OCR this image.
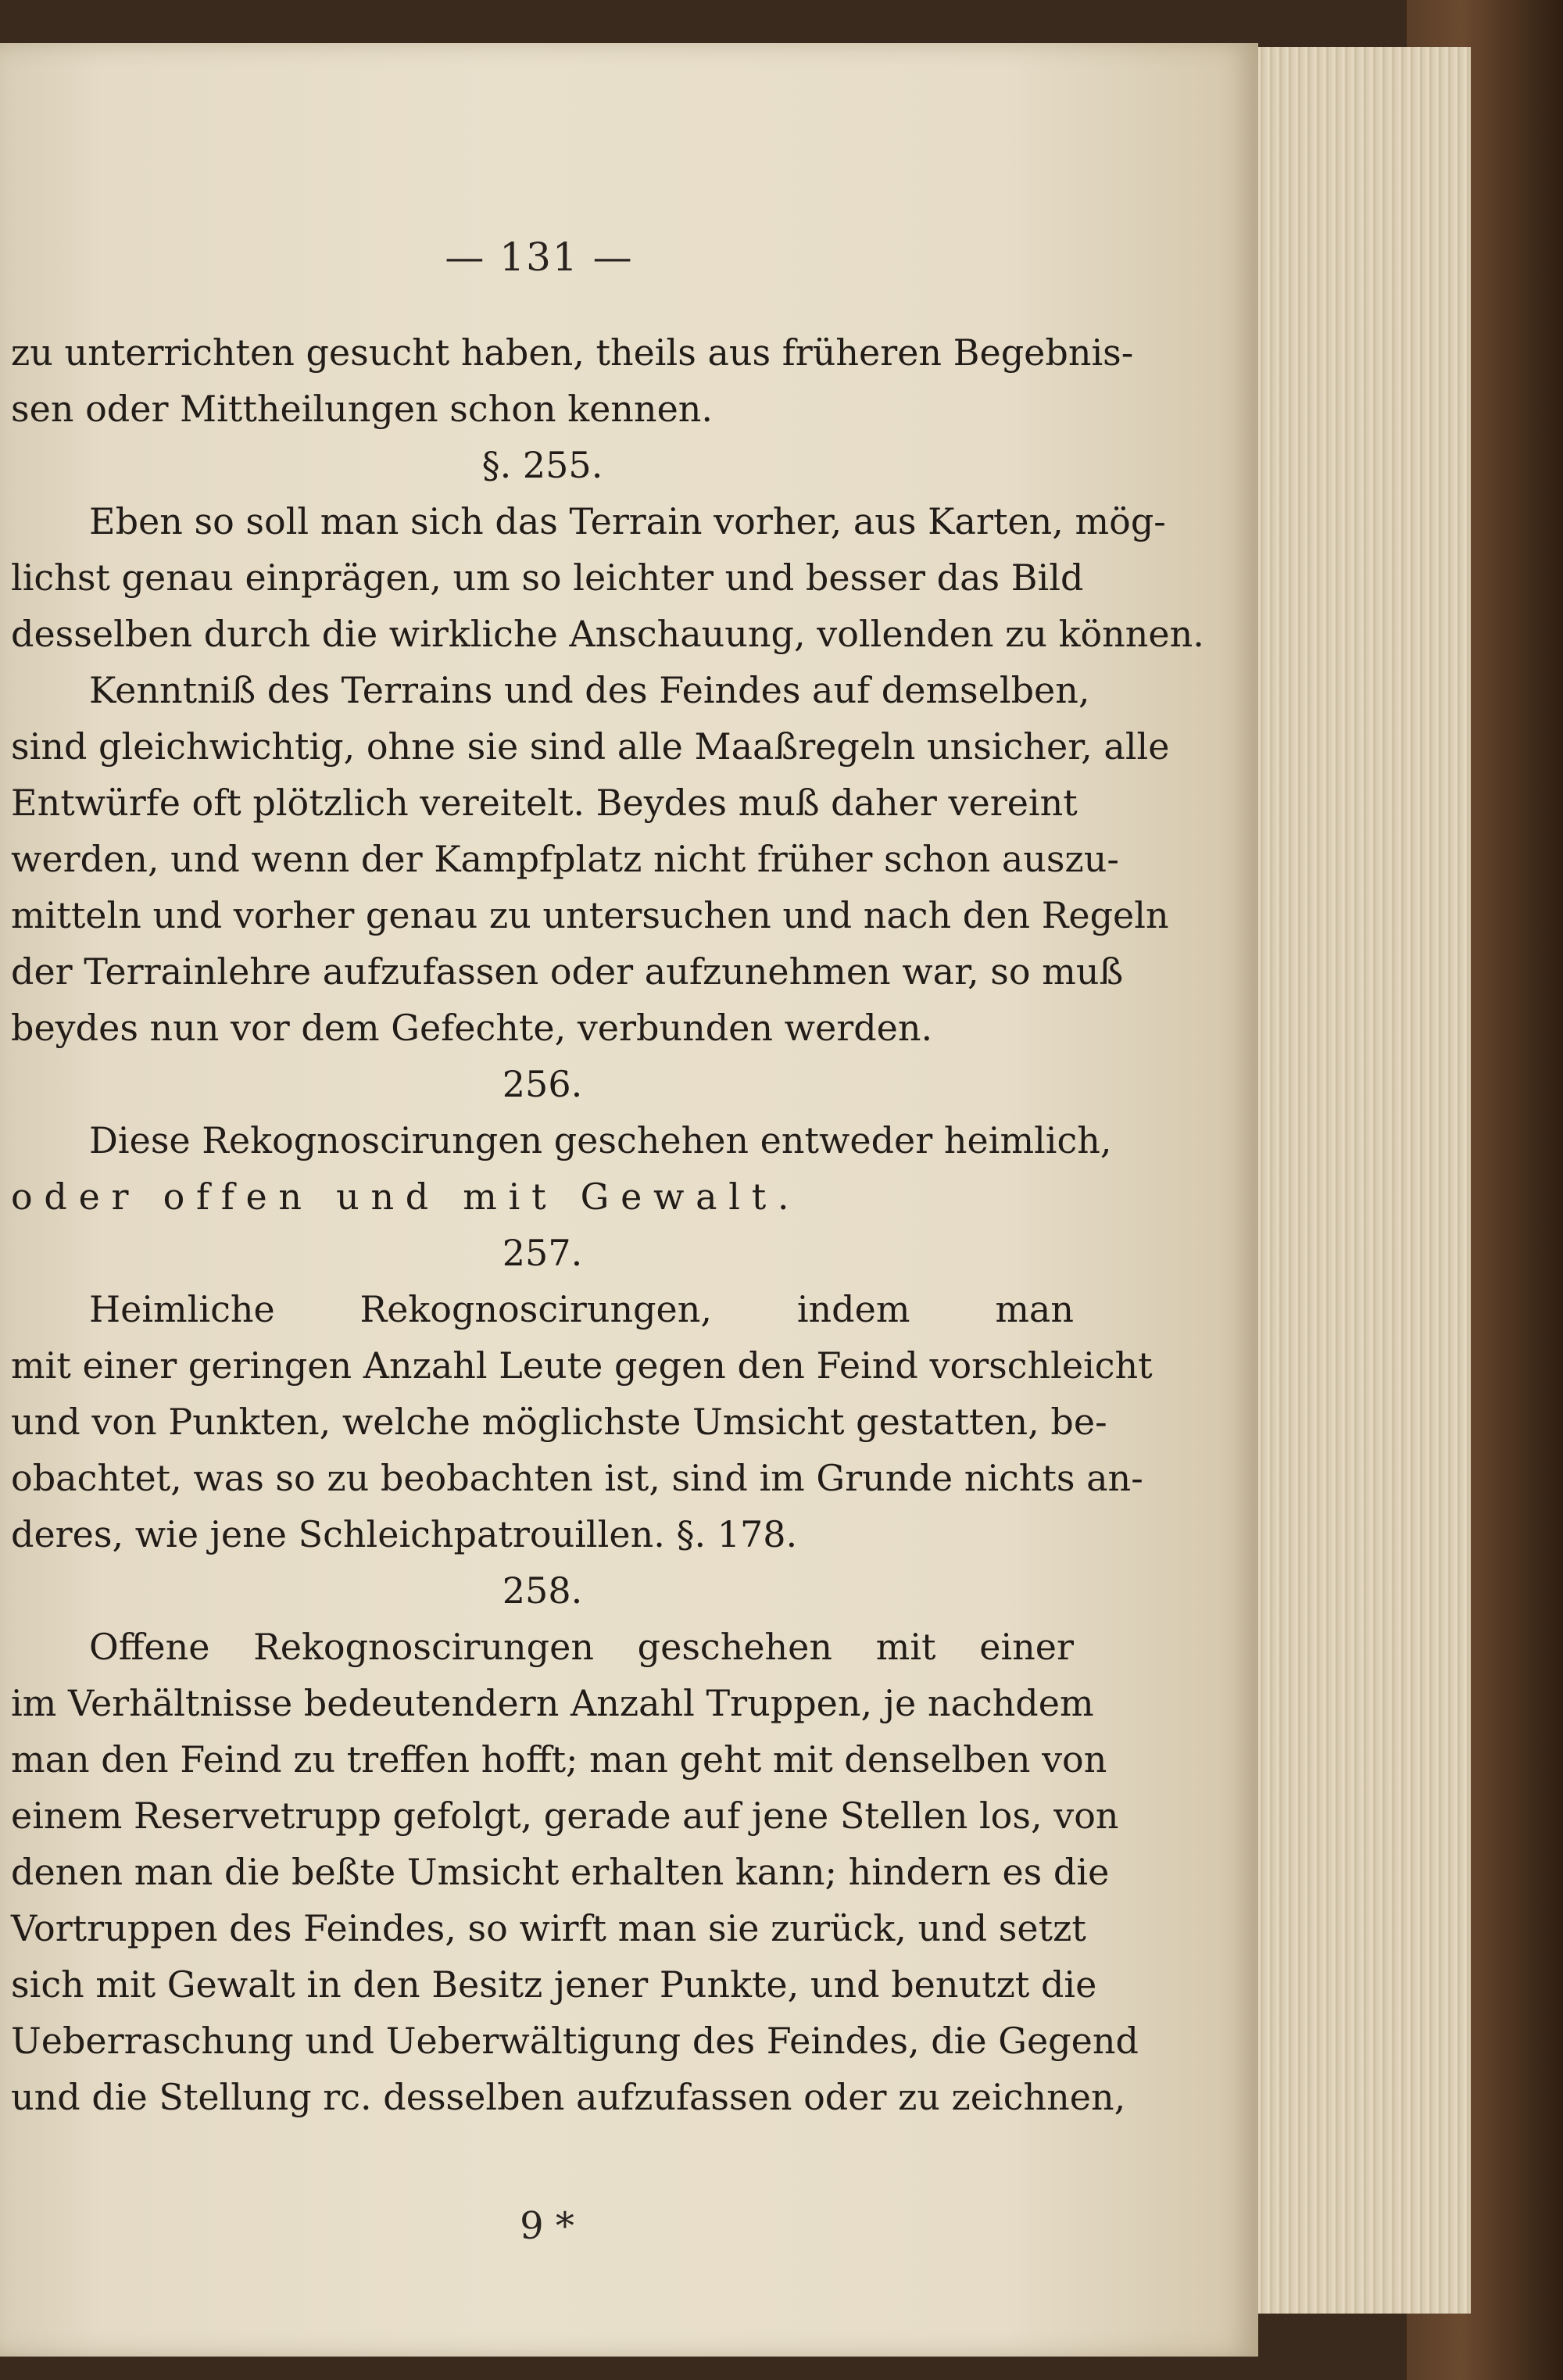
— 131 —
zu unterrichten gesucht haben, theils aus früheren Begebnis-
sen oder Mittheilungen schon kennen.
§. 255.
Eben so soll man sich das Terrain vorher, aus Karten, mög-
lichst genau einprägen, um so leichter und besser das Bild
desselben durch die wirkliche Anschauung, vollenden zu können.
Kenntniß des Terrains und des Feindes auf demselben,
sind gleichwichtig, ohne sie sind alle Maaßregeln unsicher, alle
Entwürfe oft plötzlich vereitelt. Beydes muß daher vereint
werden, und wenn der Kampfplatz nicht früher schon auszu-
mitteln und vorher genau zu untersuchen und nach den Regeln
der Terrainlehre aufzufassen oder aufzunehmen war, so muß
beydes nun vor dem Gefechte, verbunden werden.
256.
Diese Rekognoscirungen geschehen entweder heimlich,
oder offen und mit Gewalt.
257.
Heimliche Rekognoscirungen, indem man
mit einer geringen Anzahl Leute gegen den Feind vorschleicht
und von Punkten, welche möglichste Umsicht gestatten, be-
obachtet, was so zu beobachten ist, sind im Grunde nichts an-
deres, wie jene Schleichpatrouillen. §. 178.
258.
Offene Rekognoscirungen geschehen mit einer
im Verhältnisse bedeutendern Anzahl Truppen, je nachdem
man den Feind zu treffen hofft; man geht mit denselben von
einem Reservetrupp gefolgt, gerade auf jene Stellen los, von
denen man die beßte Umsicht erhalten kann; hindern es die
Vortruppen des Feindes, so wirft man sie zurück, und setzt
sich mit Gewalt in den Besitz jener Punkte, und benutzt die
Ueberraschung und Ueberwältigung des Feindes, die Gegend
und die Stellung rc. desselben aufzufassen oder zu zeichnen,
9 *
